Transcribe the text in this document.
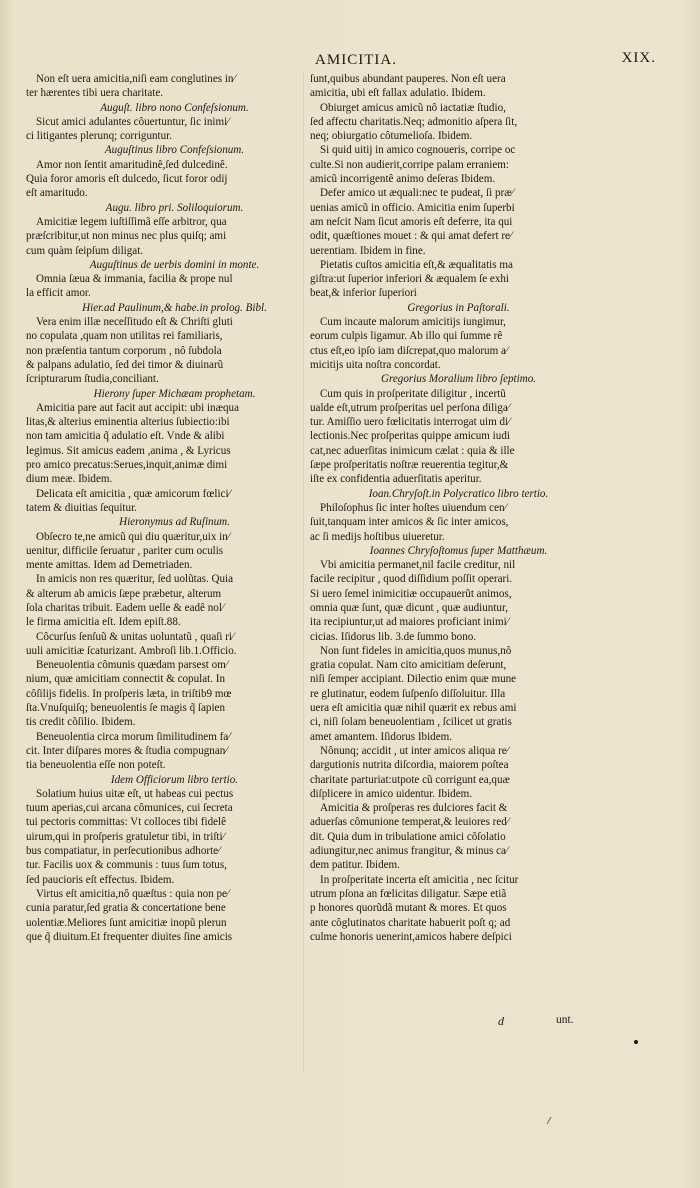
AMICITIA.	XIX.
Non eſt uera amicitia,niſi eam conglutines in⁄
ter hærentes tibi uera charitate.
Auguſt. libro nono Confeſsionum.
Sicut amici adulantes côuertuntur, ſic inimi⁄
ci litigantes plerunq; corriguntur.
Auguſtinus libro Confeſsionum.
Amor non ſentit amaritudinê,ſed dulcedinê.
Quia foror amoris eſt dulcedo, ſicut foror odij
eſt amaritudo.
Augu. libro pri. Soliloquiorum.
Amicitiæ legem iuſtiſſimã eſſe arbitror, qua
præſcribitur,ut non minus nec plus quiſq; ami
cum quàm ſeipſum diligat.
Auguſtinus de uerbis domini in monte.
Omnia ſæua & immania, facilia & prope nul
la efficit amor.
Hier.ad Paulinum,& habe.in prolog. Bibl.
Vera enim illæ neceſſitudo eſt & Chriſti gluti
no copulata ,quam non utilitas rei familiaris,
non præſentia tantum corporum , nô ſubdola
& palpans adulatio, ſed dei timor & diuinarũ
ſcripturarum ſtudia,conciliant.
Hierony ſuper Michæam prophetam.
Amicitia pare aut facit aut accipit: ubi inæqua
litas,& alterius eminentia alterius ſubiectio:ibi
non tam amicitia q̃ adulatio eſt. Vnde & alibi
legimus. Sit amicus eadem ,anima , & Lyricus
pro amico precatus:Serues,inquit,animæ dimi
dium meæ. Ibidem.
Delicata eſt amicitia , quæ amicorum fœlici⁄
tatem & diuitias ſequitur.
Hieronymus ad Ruſinum.
Obſecro te,ne amicũ qui diu quæritur,uix in⁄
uenitur, difficile ſeruatur , pariter cum oculis
mente amittas. Idem ad Demetriaden.
In amicis non res quæritur, ſed uolũtas. Quia
& alterum ab amicis ſæpe præbetur, alterum
ſola charitas tribuit. Eadem uelle & eadê nol⁄
le firma amicitia eſt. Idem epiſt.88.
Côcurſus ſenſuũ & unitas uoluntatũ , quaſi ri⁄
uuli amicitiæ ſcaturizant. Ambroſi lib.1.Officio.
Beneuolentia cômunis quædam parsest om⁄
nium, quæ amicitiam connectit & copulat. In
côſilijs fidelis. In proſperis læta, in triſtib9 mœ
ſta.Vnuſquiſq; beneuolentis ſe magis q̃ ſapien
tis credit cõſilio. Ibidem.
Beneuolentia circa morum ſimilitudinem fa⁄
cit. Inter diſpares mores & ſtudia compugnan⁄
tia beneuolentia eſſe non poteſt.
Idem Officiorum libro tertio.
Solatium huius uitæ eſt, ut habeas cui pectus
tuum aperias,cui arcana cômunices, cui ſecreta
tui pectoris committas: Vt colloces tibi fidelê
uirum,qui in proſperis gratuletur tibi, in triſti⁄
bus compatiatur, in perſecutionibus adhorte⁄
tur. Facilis uox & communis : tuus ſum totus,
ſed paucioris eſt effectus. Ibidem.
Virtus eſt amicitia,nô quæſtus : quia non pe⁄
cunia paratur,ſed gratia & concertatione bene
uolentiæ.Meliores ſunt amicitiæ inopũ plerun
que q̃ diuitum.Et frequenter diuites ſine amicis
ſunt,quibus abundant pauperes. Non eſt uera
amicitia, ubi eſt fallax adulatio. Ibidem.
Obiurget amicus amicũ nô iactatiæ ſtudio,
ſed affectu charitatis.Neq; admonitio aſpera ſit,
neq; obiurgatio côtumelioſa. Ibidem.
Si quid uitij in amico cognoueris, corripe oc
culte.Si non audierit,corripe palam erraniem:
amicũ incorrigentê animo deſeras Ibidem.
Defer amico ut æquali:nec te pudeat, ſi præ⁄
uenias amicũ in officio. Amicitia enim ſuperbi
am neſcit Nam ſicut amoris eſt deferre, ita qui
odit, quæſtiones mouet : & qui amat defert re⁄
uerentiam. Ibidem in fine.
Pietatis cuſtos amicitia eſt,& æqualitatis ma
giſtra:ut ſuperior inferiori & æqualem ſe exhi
beat,& inferior ſuperiori
Gregorius in Paſtorali.
Cum incaute malorum amicitijs iungimur,
eorum culpis ligamur. Ab illo qui ſumme rê
ctus eſt,eo ipſo iam diſcrepat,quo malorum a⁄
micitijs uita noſtra concordat.
Gregorius Moralium libro ſeptimo.
Cum quis in proſperitate diligitur , incertũ
ualde eſt,utrum proſperitas uel perſona diliga⁄
tur. Amiſſio uero fœlicitatis interrogat uim di⁄
lectionis.Nec proſperitas quippe amicum iudi
cat,nec aduerſitas inimicum cælat : quia & ille
ſæpe proſperitatis noſtræ reuerentia tegitur,&
iſte ex confidentia aduerſitatis aperitur.
Ioan.Chryſoſt.in Polycratico libro tertio.
Philoſophus ſic inter hoſtes uiuendum cen⁄
ſuit,tanquam inter amicos & ſic inter amicos,
ac ſi medijs hoſtibus uiueretur.
Ioannes Chryſoſtomus ſuper Matthæum.
Vbi amicitia permanet,nil facile creditur, nil
facile recipitur , quod diſſidium poſſit operari.
Si uero ſemel inimicitiæ occupauerũt animos,
omnia quæ ſunt, quæ dicunt , quæ audiuntur,
ita recipiuntur,ut ad maiores proficiant inimi⁄
cicias. Iſidorus lib. 3.de ſummo bono.
Non ſunt fideles in amicitia,quos munus,nô
gratia copulat. Nam cito amicitiam deſerunt,
niſi ſemper accipiant. Dilectio enim quæ mune
re glutinatur, eodem ſuſpenſo diſſoluitur. Illa
uera eſt amicitia quæ nihil quærit ex rebus ami
ci, niſi ſolam beneuolentiam , ſcilicet ut gratis
amet amantem. Iſidorus Ibidem.
Nônunq; accidit , ut inter amicos aliqua re⁄
dargutionis nutrita diſcordia, maiorem poſtea
charitate parturiat:utpote cũ corrigunt ea,quæ
diſplicere in amico uidentur. Ibidem.
Amicitia & proſperas res dulciores facit &
aduerſas cômunione temperat,& leuiores red⁄
dit. Quia dum in tribulatione amici côſolatio
adiungitur,nec animus frangitur, & minus ca⁄
dem patitur. Ibidem.
In proſperitate incerta eſt amicitia , nec ſcitur
utrum pſona an fœlicitas diligatur. Sæpe etiã
p honores quorũdã mutant & mores. Et quos
ante côglutinatos charitate habuerit poſt q; ad
culme honoris uenerint,amicos habere deſpici
d	unt.
